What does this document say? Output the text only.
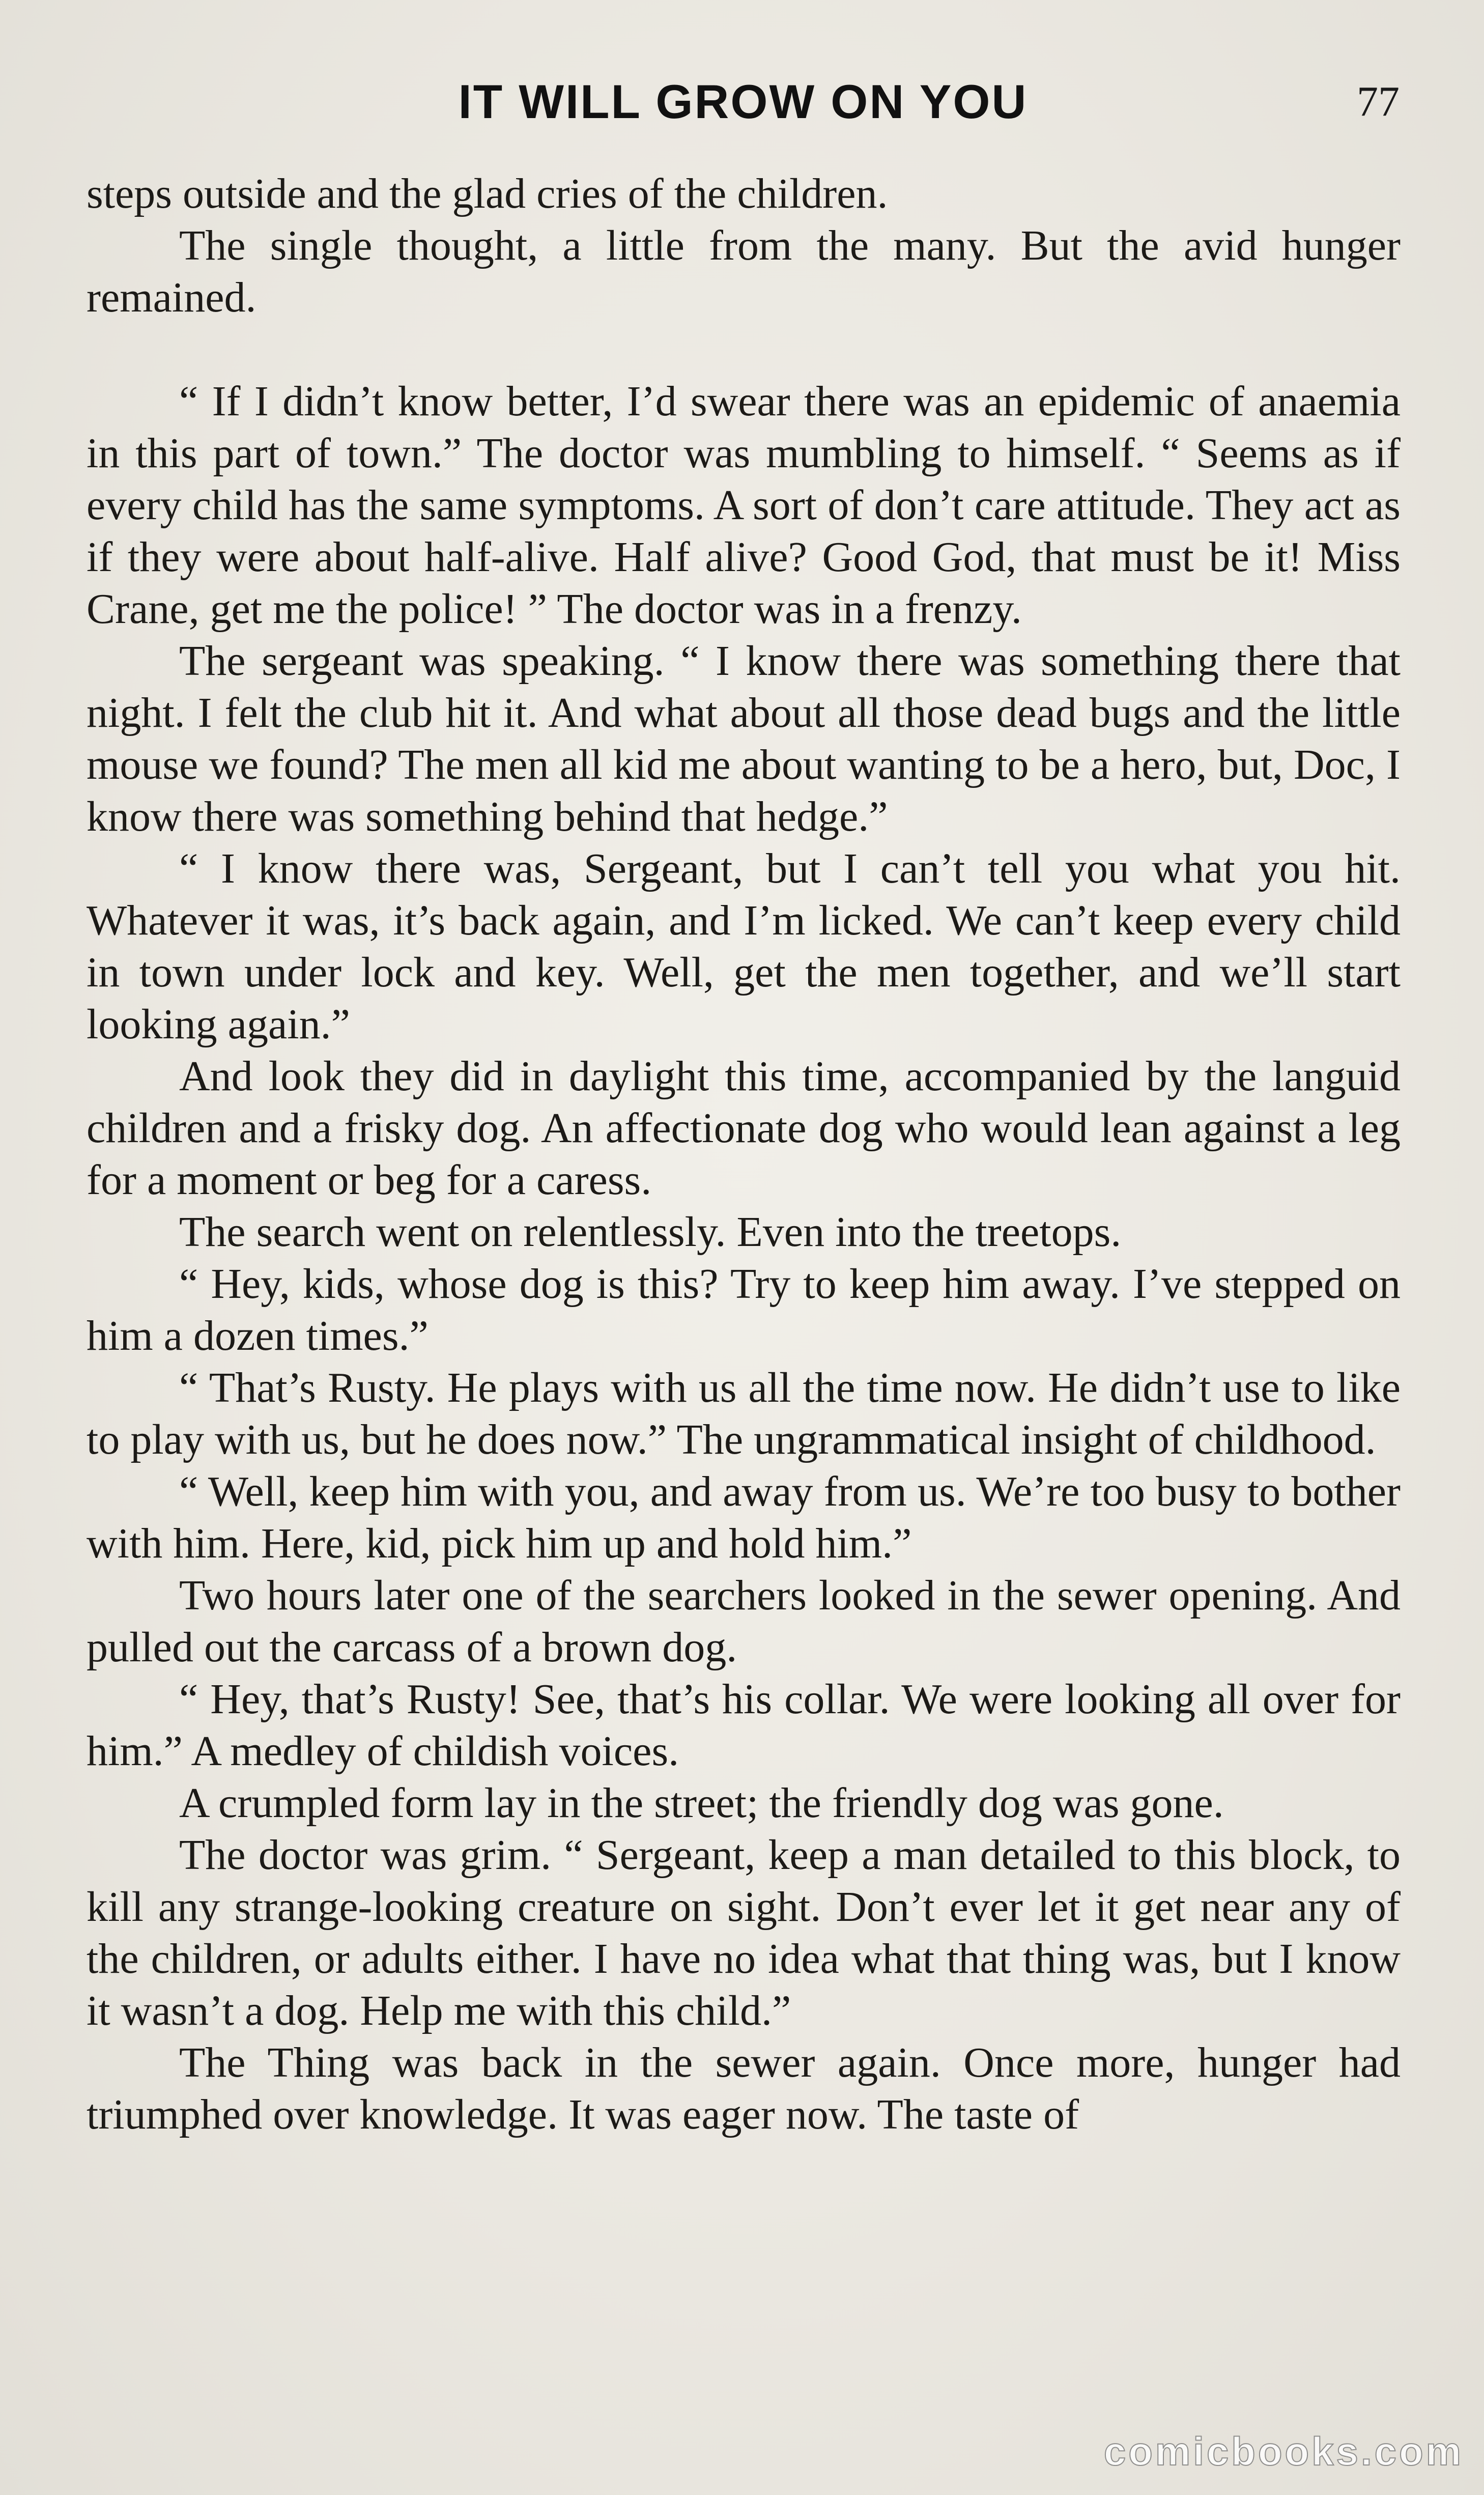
IT WILL GROW ON YOU	77

steps outside and the glad cries of the children.

The single thought, a little from the many. But the avid hunger remained.

“ If I didn’t know better, I’d swear there was an epidemic of anaemia in this part of town.” The doctor was mumbling to himself. “ Seems as if every child has the same symptoms. A sort of don’t care attitude. They act as if they were about half-alive. Half alive? Good God, that must be it! Miss Crane, get me the police! ” The doctor was in a frenzy.

The sergeant was speaking. “ I know there was something there that night. I felt the club hit it. And what about all those dead bugs and the little mouse we found? The men all kid me about wanting to be a hero, but, Doc, I know there was something behind that hedge.”

“ I know there was, Sergeant, but I can’t tell you what you hit. Whatever it was, it’s back again, and I’m licked. We can’t keep every child in town under lock and key. Well, get the men together, and we’ll start looking again.”

And look they did in daylight this time, accompanied by the languid children and a frisky dog. An affectionate dog who would lean against a leg for a moment or beg for a caress.

The search went on relentlessly. Even into the treetops.

“ Hey, kids, whose dog is this? Try to keep him away. I’ve stepped on him a dozen times.”

“ That’s Rusty. He plays with us all the time now. He didn’t use to like to play with us, but he does now.” The ungrammatical insight of childhood.

“ Well, keep him with you, and away from us. We’re too busy to bother with him. Here, kid, pick him up and hold him.”

Two hours later one of the searchers looked in the sewer opening. And pulled out the carcass of a brown dog.

“ Hey, that’s Rusty! See, that’s his collar. We were looking all over for him.” A medley of childish voices.

A crumpled form lay in the street; the friendly dog was gone.

The doctor was grim. “ Sergeant, keep a man detailed to this block, to kill any strange-looking creature on sight. Don’t ever let it get near any of the children, or adults either. I have no idea what that thing was, but I know it wasn’t a dog. Help me with this child.”

The Thing was back in the sewer again. Once more, hunger had triumphed over knowledge. It was eager now. The taste of

comicbooks.com
